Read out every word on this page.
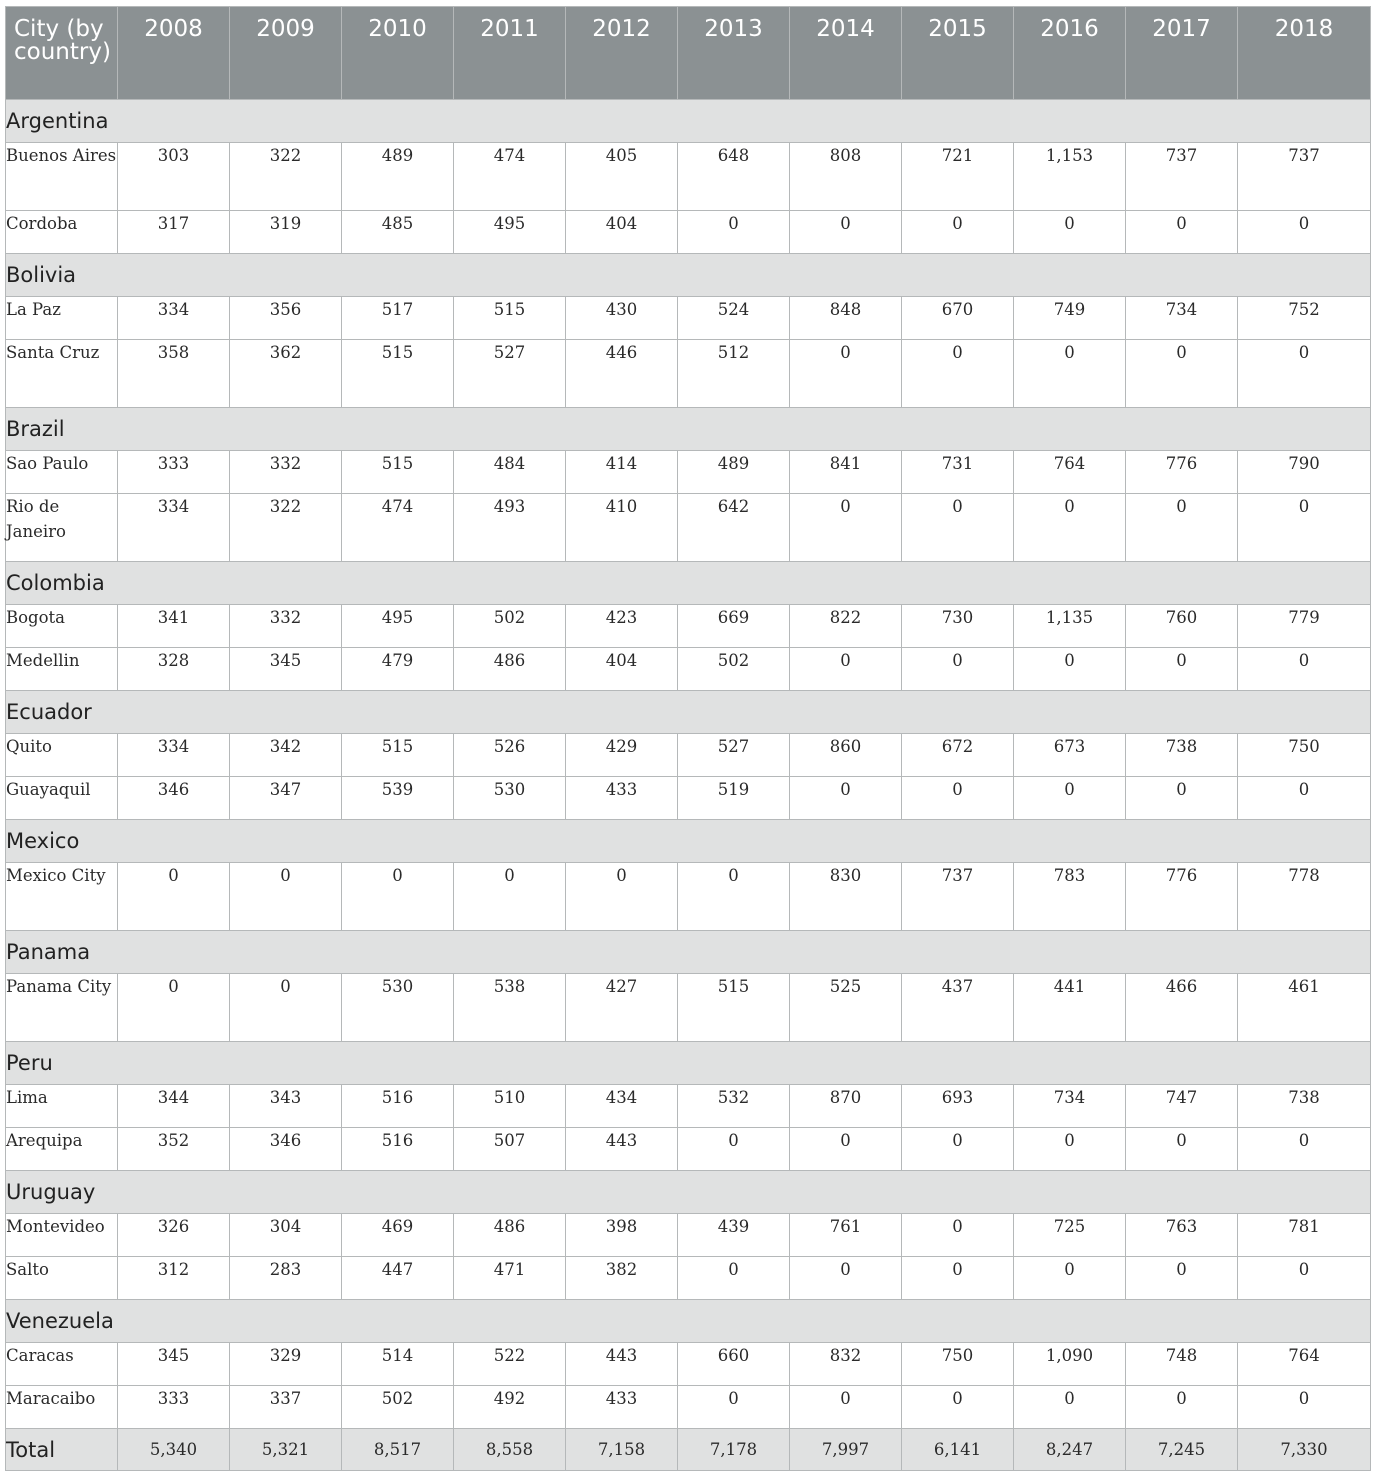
City (by country)	2008	2009	2010	2011	2012	2013	2014	2015	2016	2017	2018
Argentina											
Buenos Aires	303	322	489	474	405	648	808	721	1,153	737	737
Cordoba	317	319	485	495	404	0	0	0	0	0	0
Bolivia											
La Paz	334	356	517	515	430	524	848	670	749	734	752
Santa Cruz	358	362	515	527	446	512	0	0	0	0	0
Brazil											
Sao Paulo	333	332	515	484	414	489	841	731	764	776	790
Rio de Janeiro	334	322	474	493	410	642	0	0	0	0	0
Colombia											
Bogota	341	332	495	502	423	669	822	730	1,135	760	779
Medellin	328	345	479	486	404	502	0	0	0	0	0
Ecuador											
Quito	334	342	515	526	429	527	860	672	673	738	750
Guayaquil	346	347	539	530	433	519	0	0	0	0	0
Mexico											
Mexico City	0	0	0	0	0	0	830	737	783	776	778
Panama											
Panama City	0	0	530	538	427	515	525	437	441	466	461
Peru											
Lima	344	343	516	510	434	532	870	693	734	747	738
Arequipa	352	346	516	507	443	0	0	0	0	0	0
Uruguay											
Montevideo	326	304	469	486	398	439	761	0	725	763	781
Salto	312	283	447	471	382	0	0	0	0	0	0
Venezuela											
Caracas	345	329	514	522	443	660	832	750	1,090	748	764
Maracaibo	333	337	502	492	433	0	0	0	0	0	0
Total	5,340	5,321	8,517	8,558	7,158	7,178	7,997	6,141	8,247	7,245	7,330
